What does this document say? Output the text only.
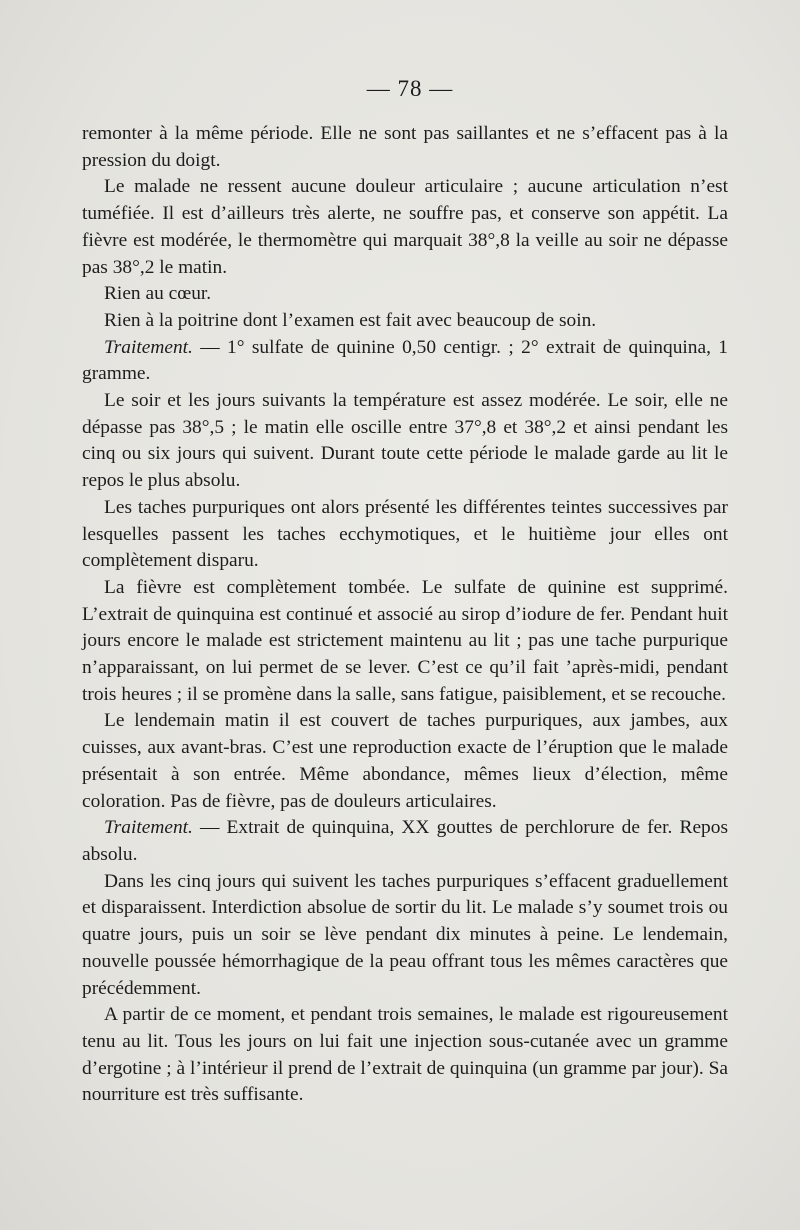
— 78 —

remonter à la même période. Elle ne sont pas saillantes et ne s’effacent pas à la pression du doigt.

Le malade ne ressent aucune douleur articulaire ; aucune articulation n’est tuméfiée. Il est d’ailleurs très alerte, ne souffre pas, et conserve son appétit. La fièvre est modérée, le thermomètre qui marquait 38°,8 la veille au soir ne dépasse pas 38°,2 le matin.

Rien au cœur.

Rien à la poitrine dont l’examen est fait avec beaucoup de soin.

Traitement. — 1° sulfate de quinine 0,50 centigr. ; 2° extrait de quinquina, 1 gramme.

Le soir et les jours suivants la température est assez modérée. Le soir, elle ne dépasse pas 38°,5 ; le matin elle oscille entre 37°,8 et 38°,2 et ainsi pendant les cinq ou six jours qui suivent. Durant toute cette période le malade garde au lit le repos le plus absolu.

Les taches purpuriques ont alors présenté les différentes teintes successives par lesquelles passent les taches ecchymotiques, et le huitième jour elles ont complètement disparu.

La fièvre est complètement tombée. Le sulfate de quinine est supprimé. L’extrait de quinquina est continué et associé au sirop d’iodure de fer. Pendant huit jours encore le malade est strictement maintenu au lit ; pas une tache purpurique n’apparaissant, on lui permet de se lever. C’est ce qu’il fait ’après-midi, pendant trois heures ; il se promène dans la salle, sans fatigue, paisiblement, et se recouche.

Le lendemain matin il est couvert de taches purpuriques, aux jambes, aux cuisses, aux avant-bras. C’est une reproduction exacte de l’éruption que le malade présentait à son entrée. Même abondance, mêmes lieux d’élection, même coloration. Pas de fièvre, pas de douleurs articulaires.

Traitement. — Extrait de quinquina, XX gouttes de perchlorure de fer. Repos absolu.

Dans les cinq jours qui suivent les taches purpuriques s’effacent graduellement et disparaissent. Interdiction absolue de sortir du lit. Le malade s’y soumet trois ou quatre jours, puis un soir se lève pendant dix minutes à peine. Le lendemain, nouvelle poussée hémorrhagique de la peau offrant tous les mêmes caractères que précédemment.

A partir de ce moment, et pendant trois semaines, le malade est rigoureusement tenu au lit. Tous les jours on lui fait une injection sous-cutanée avec un gramme d’ergotine ; à l’intérieur il prend de l’extrait de quinquina (un gramme par jour). Sa nourriture est très suffisante.
